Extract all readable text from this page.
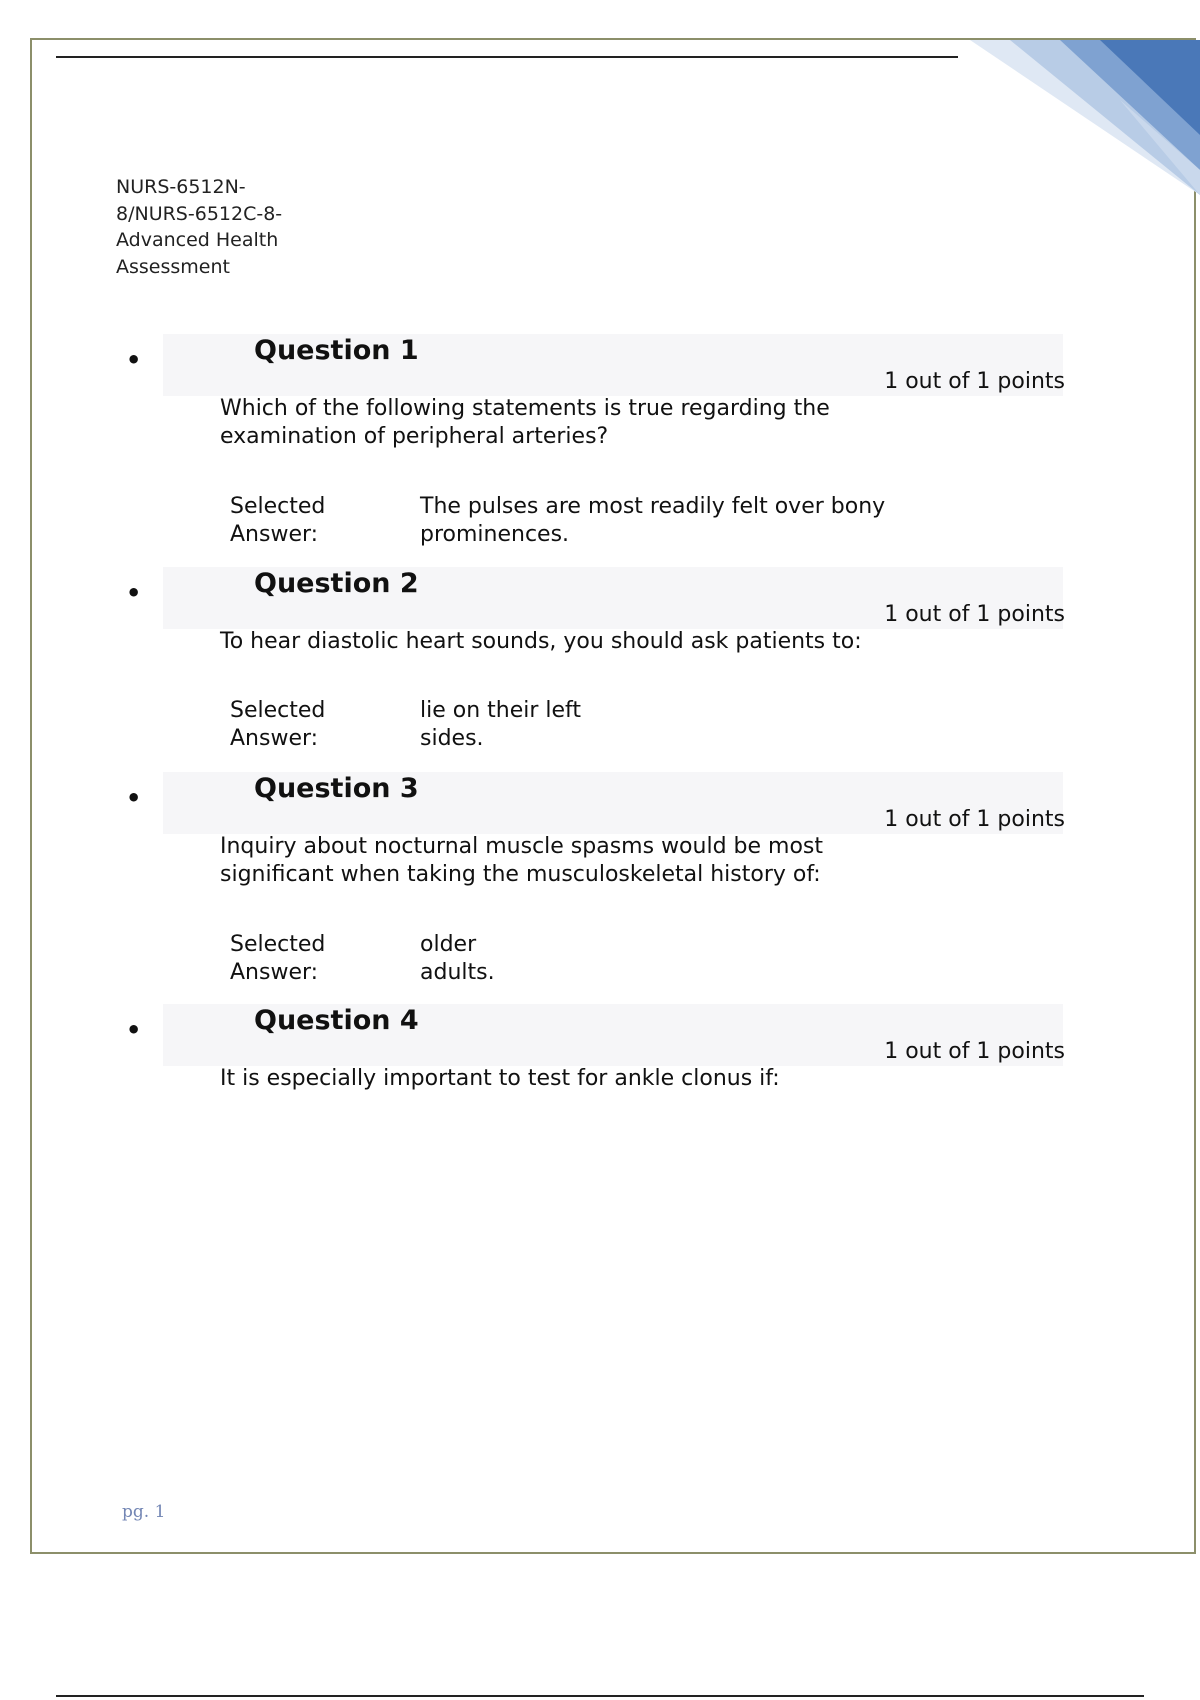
1
NURS-6512N-
8/NURS-6512C-8-
Advanced Health
Assessment
•	Question 1
1 out of 1 points
Which of the following statements is true regarding the examination of peripheral arteries?
Selected
Answer:
The pulses are most readily felt over bony
prominences.
•	Question 2
1 out of 1 points
To hear diastolic heart sounds, you should ask patients to:
Selected
Answer:
lie on their left
sides.
•	Question 3
1 out of 1 points
Inquiry about nocturnal muscle spasms would be most significant when taking the musculoskeletal history of:
Selected
Answer:
older
adults.
•	Question 4
1 out of 1 points
It is especially important to test for ankle clonus if:
pg. 1
